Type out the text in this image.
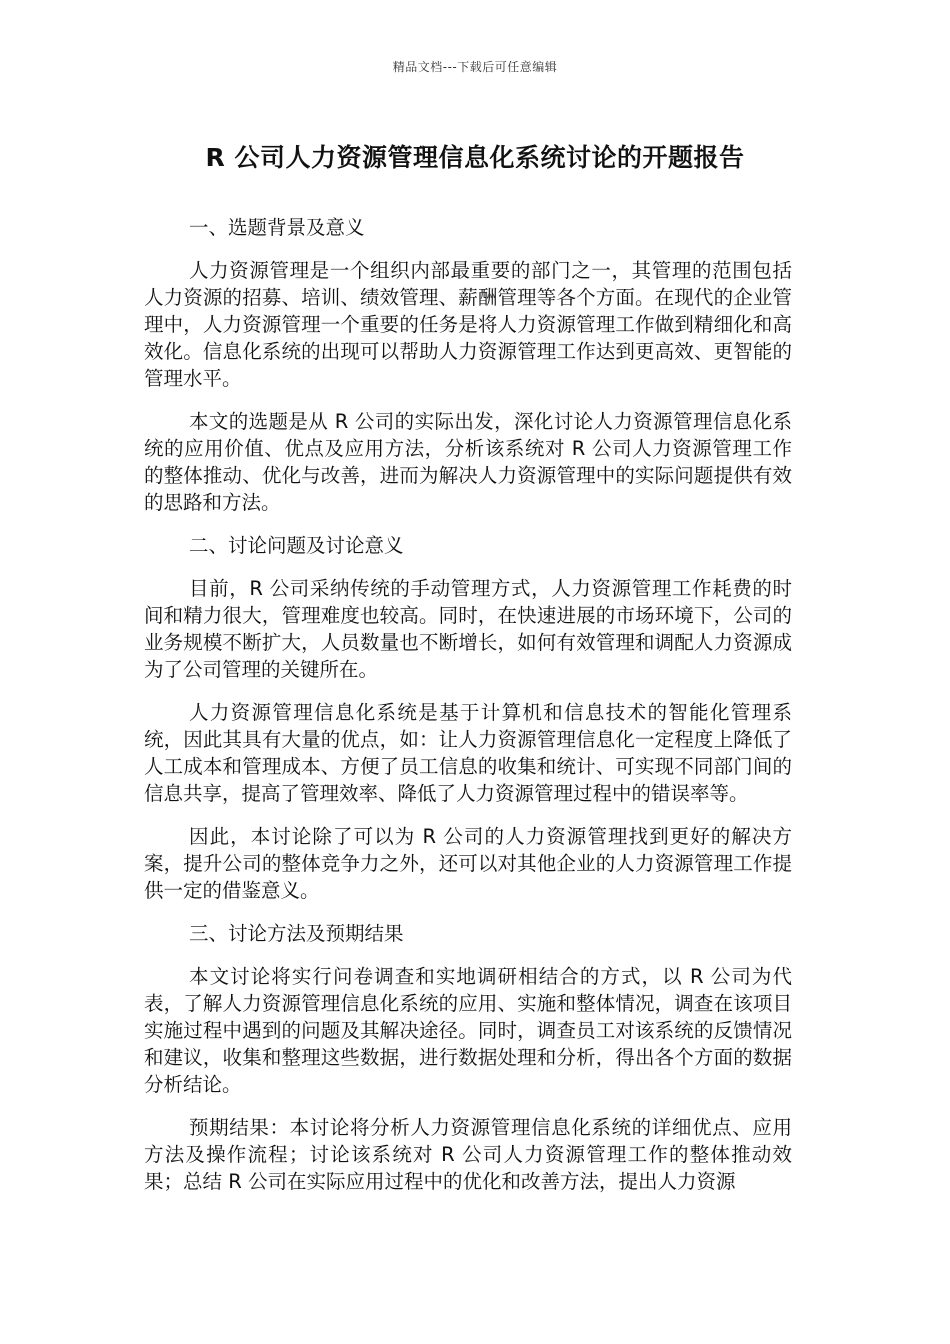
精品文档---下载后可任意编辑
R 公司人力资源管理信息化系统讨论的开题报告

一、选题背景及意义

人力资源管理是一个组织内部最重要的部门之一，其管理的范围包括人力资源的招募、培训、绩效管理、薪酬管理等各个方面。在现代的企业管理中，人力资源管理一个重要的任务是将人力资源管理工作做到精细化和高效化。信息化系统的出现可以帮助人力资源管理工作达到更高效、更智能的管理水平。

本文的选题是从 R 公司的实际出发，深化讨论人力资源管理信息化系统的应用价值、优点及应用方法，分析该系统对 R 公司人力资源管理工作的整体推动、优化与改善，进而为解决人力资源管理中的实际问题提供有效的思路和方法。

二、讨论问题及讨论意义

目前，R 公司采纳传统的手动管理方式，人力资源管理工作耗费的时间和精力很大，管理难度也较高。同时，在快速进展的市场环境下，公司的业务规模不断扩大，人员数量也不断增长，如何有效管理和调配人力资源成为了公司管理的关键所在。

人力资源管理信息化系统是基于计算机和信息技术的智能化管理系统，因此其具有大量的优点，如：让人力资源管理信息化一定程度上降低了人工成本和管理成本、方便了员工信息的收集和统计、可实现不同部门间的信息共享，提高了管理效率、降低了人力资源管理过程中的错误率等。

因此，本讨论除了可以为 R 公司的人力资源管理找到更好的解决方案，提升公司的整体竞争力之外，还可以对其他企业的人力资源管理工作提供一定的借鉴意义。

三、讨论方法及预期结果

本文讨论将实行问卷调查和实地调研相结合的方式，以 R 公司为代表，了解人力资源管理信息化系统的应用、实施和整体情况，调查在该项目实施过程中遇到的问题及其解决途径。同时，调查员工对该系统的反馈情况和建议，收集和整理这些数据，进行数据处理和分析，得出各个方面的数据分析结论。

预期结果：本讨论将分析人力资源管理信息化系统的详细优点、应用方法及操作流程；讨论该系统对 R 公司人力资源管理工作的整体推动效果；总结 R 公司在实际应用过程中的优化和改善方法，提出人力资源
